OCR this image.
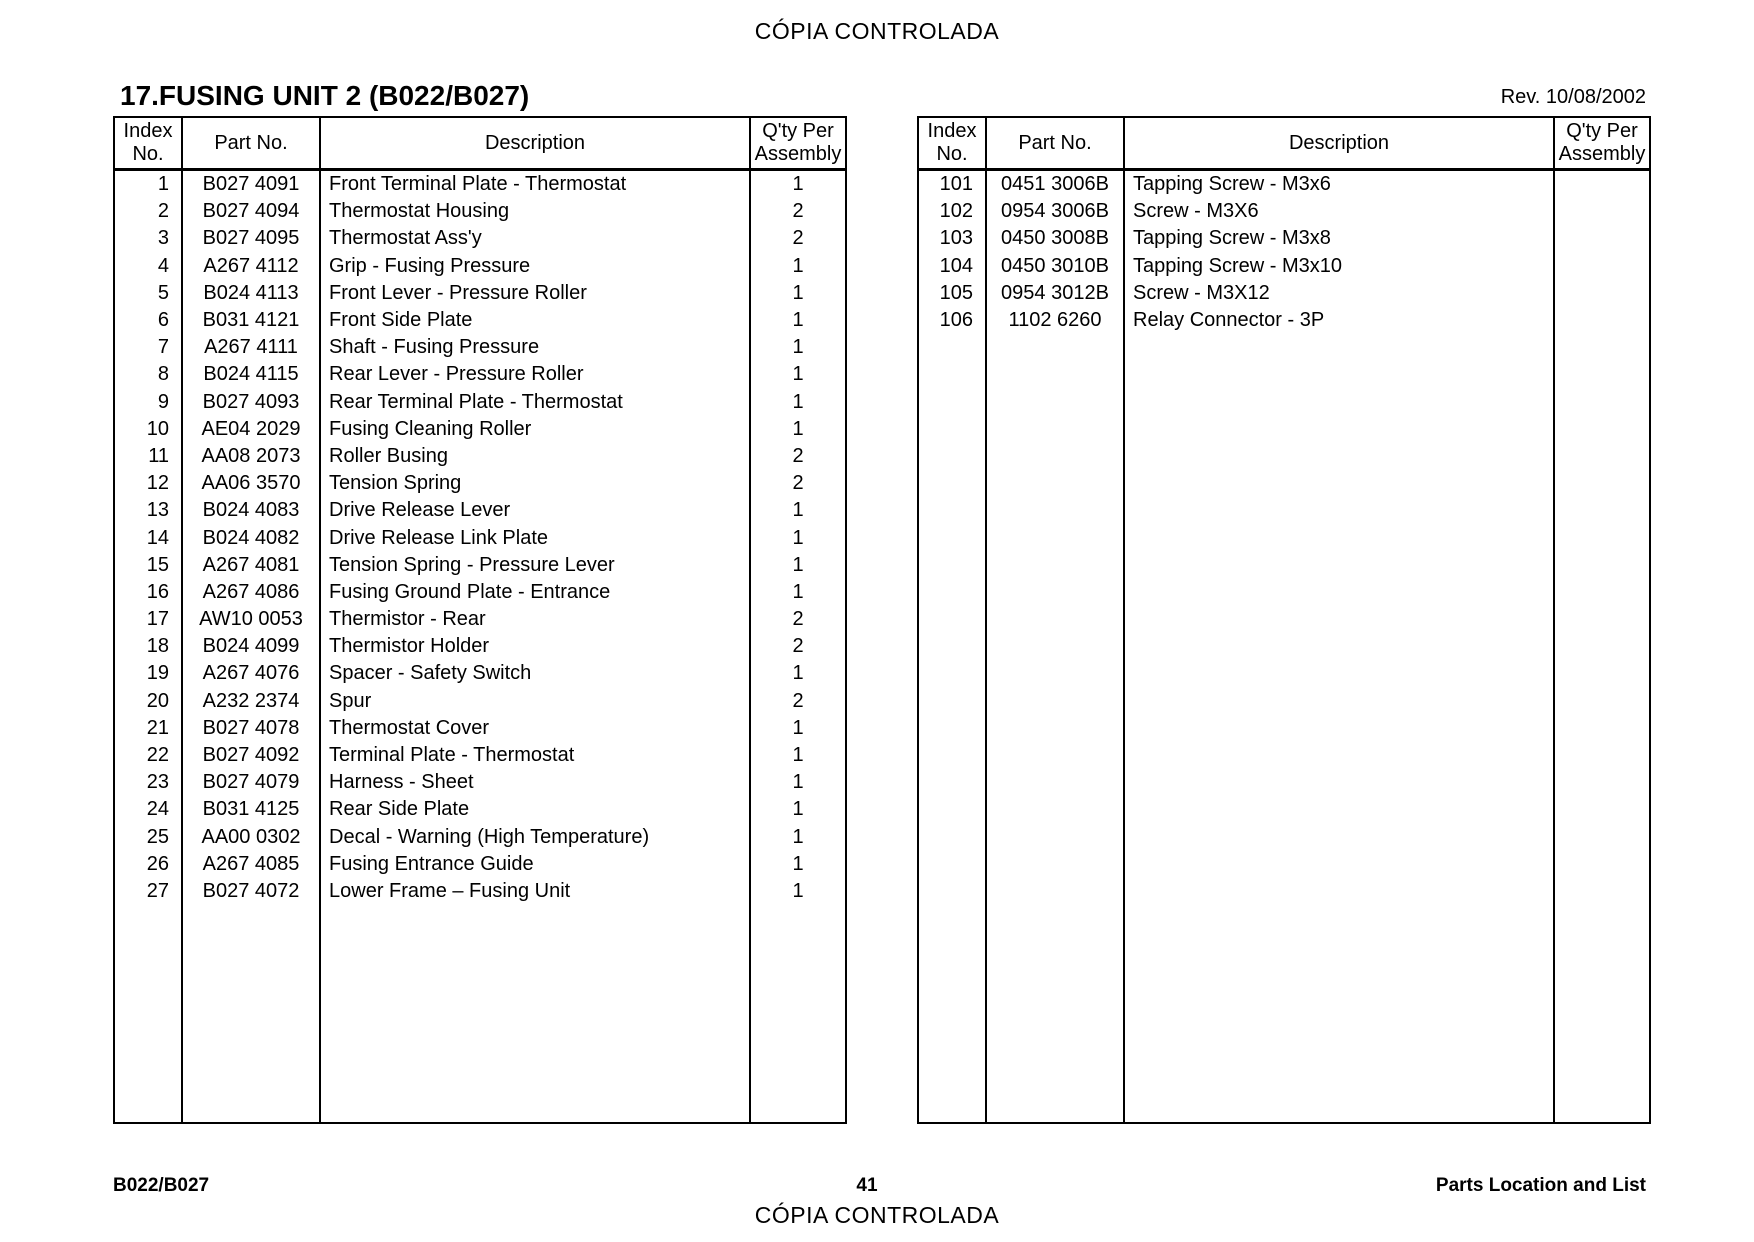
CÓPIA CONTROLADA
17.FUSING UNIT 2 (B022/B027)	Rev. 10/08/2002
Index No.	Part No.	Description	Q'ty Per Assembly
1	B027 4091	Front Terminal Plate - Thermostat	1
2	B027 4094	Thermostat Housing	2
3	B027 4095	Thermostat Ass'y	2
4	A267 4112	Grip - Fusing Pressure	1
5	B024 4113	Front Lever - Pressure Roller	1
6	B031 4121	Front Side Plate	1
7	A267 4111	Shaft - Fusing Pressure	1
8	B024 4115	Rear Lever - Pressure Roller	1
9	B027 4093	Rear Terminal Plate - Thermostat	1
10	AE04 2029	Fusing Cleaning Roller	1
11	AA08 2073	Roller Busing	2
12	AA06 3570	Tension Spring	2
13	B024 4083	Drive Release Lever	1
14	B024 4082	Drive Release Link Plate	1
15	A267 4081	Tension Spring - Pressure Lever	1
16	A267 4086	Fusing Ground Plate - Entrance	1
17	AW10 0053	Thermistor - Rear	2
18	B024 4099	Thermistor Holder	2
19	A267 4076	Spacer - Safety Switch	1
20	A232 2374	Spur	2
21	B027 4078	Thermostat Cover	1
22	B027 4092	Terminal Plate - Thermostat	1
23	B027 4079	Harness - Sheet	1
24	B031 4125	Rear Side Plate	1
25	AA00 0302	Decal - Warning (High Temperature)	1
26	A267 4085	Fusing Entrance Guide	1
27	B027 4072	Lower Frame – Fusing Unit	1

Index No.	Part No.	Description	Q'ty Per Assembly
101	0451 3006B	Tapping Screw - M3x6	
102	0954 3006B	Screw - M3X6	
103	0450 3008B	Tapping Screw - M3x8	
104	0450 3010B	Tapping Screw - M3x10	
105	0954 3012B	Screw - M3X12	
106	1102 6260	Relay Connector - 3P	

B022/B027	41	Parts Location and List
CÓPIA CONTROLADA
